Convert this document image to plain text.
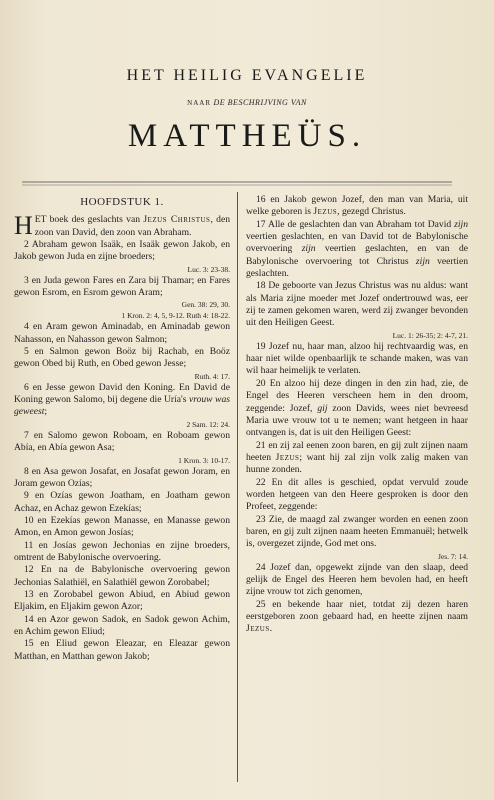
HET HEILIG EVANGELIE
NAAR DE BESCHRIJVING VAN
MATTHEÜS.
HOOFDSTUK 1.

HET boek des geslachts van Jezus Christus, den zoon van David, den zoon van Abraham.

2 Abraham gewon Isaäk, en Isaäk gewon Jakob, en Jakob gewon Juda en zijne broeders;

Luc. 3: 23-38.

3 en Juda gewon Fares en Zara bij Thamar; en Fares gewon Esrom, en Esrom gewon Aram;

Gen. 38: 29, 30.
1 Kron. 2: 4, 5, 9-12. Ruth 4: 18-22.

4 en Aram gewon Aminadab, en Aminadab gewon Nahasson, en Nahasson gewon Salmon;

5 en Salmon gewon Boöz bij Rachab, en Boöz gewon Obed bij Ruth, en Obed gewon Jesse;

Ruth. 4: 17.

6 en Jesse gewon David den Koning. En David de Koning gewon Salomo, bij degene die Uría's vrouw was geweest;

2 Sam. 12: 24.

7 en Salomo gewon Roboam, en Roboam gewon Abía, en Abía gewon Asa;

1 Kron. 3: 10-17.

8 en Asa gewon Josafat, en Josafat gewon Joram, en Joram gewon Ozías;

9 en Ozías gewon Joatham, en Joatham gewon Achaz, en Achaz gewon Ezekías;

10 en Ezekías gewon Manasse, en Manasse gewon Amon, en Amon gewon Josías;

11 en Josías gewon Jechonias en zijne broeders, omtrent de Babylonische overvoering.

12 En na de Babylonische overvoering gewon Jechonias Salathiël, en Salathiël gewon Zorobabel;

13 en Zorobabel gewon Abiud, en Abiud gewon Eljakim, en Eljakim gewon Azor;

14 en Azor gewon Sadok, en Sadok gewon Achim, en Achim gewon Eliud;

15 en Eliud gewon Eleazar, en Eleazar gewon Matthan, en Matthan gewon Jakob;

16 en Jakob gewon Jozef, den man van Maria, uit welke geboren is Jezus, gezegd Christus.

17 Alle de geslachten dan van Abraham tot David zijn veertien geslachten, en van David tot de Babylonische overvoering zijn veertien geslachten, en van de Babylonische overvoering tot Christus zijn veertien geslachten.

18 De geboorte van Jezus Christus was nu aldus: want als Maria zijne moeder met Jozef ondertrouwd was, eer zij te zamen gekomen waren, werd zij zwanger bevonden uit den Heiligen Geest.

Luc. 1: 26-35; 2: 4-7, 21.

19 Jozef nu, haar man, alzoo hij rechtvaardig was, en haar niet wilde openbaarlijk te schande maken, was van wil haar heimelijk te verlaten.

20 En alzoo hij deze dingen in den zin had, zie, de Engel des Heeren verscheen hem in den droom, zeggende: Jozef, gij zoon Davids, wees niet bevreesd Maria uwe vrouw tot u te nemen; want hetgeen in haar ontvangen is, dat is uit den Heiligen Geest:

21 en zij zal eenen zoon baren, en gij zult zijnen naam heeten Jezus; want hij zal zijn volk zalig maken van hunne zonden.

22 En dit alles is geschied, opdat vervuld zoude worden hetgeen van den Heere gesproken is door den Profeet, zeggende:

23 Zie, de maagd zal zwanger worden en eenen zoon baren, en gij zult zijnen naam heeten Emmanuël; hetwelk is, overgezet zijnde, God met ons.

Jes. 7: 14.

24 Jozef dan, opgewekt zijnde van den slaap, deed gelijk de Engel des Heeren hem bevolen had, en heeft zijne vrouw tot zich genomen,

25 en bekende haar niet, totdat zij dezen haren eerstgeboren zoon gebaard had, en heette zijnen naam Jezus.
